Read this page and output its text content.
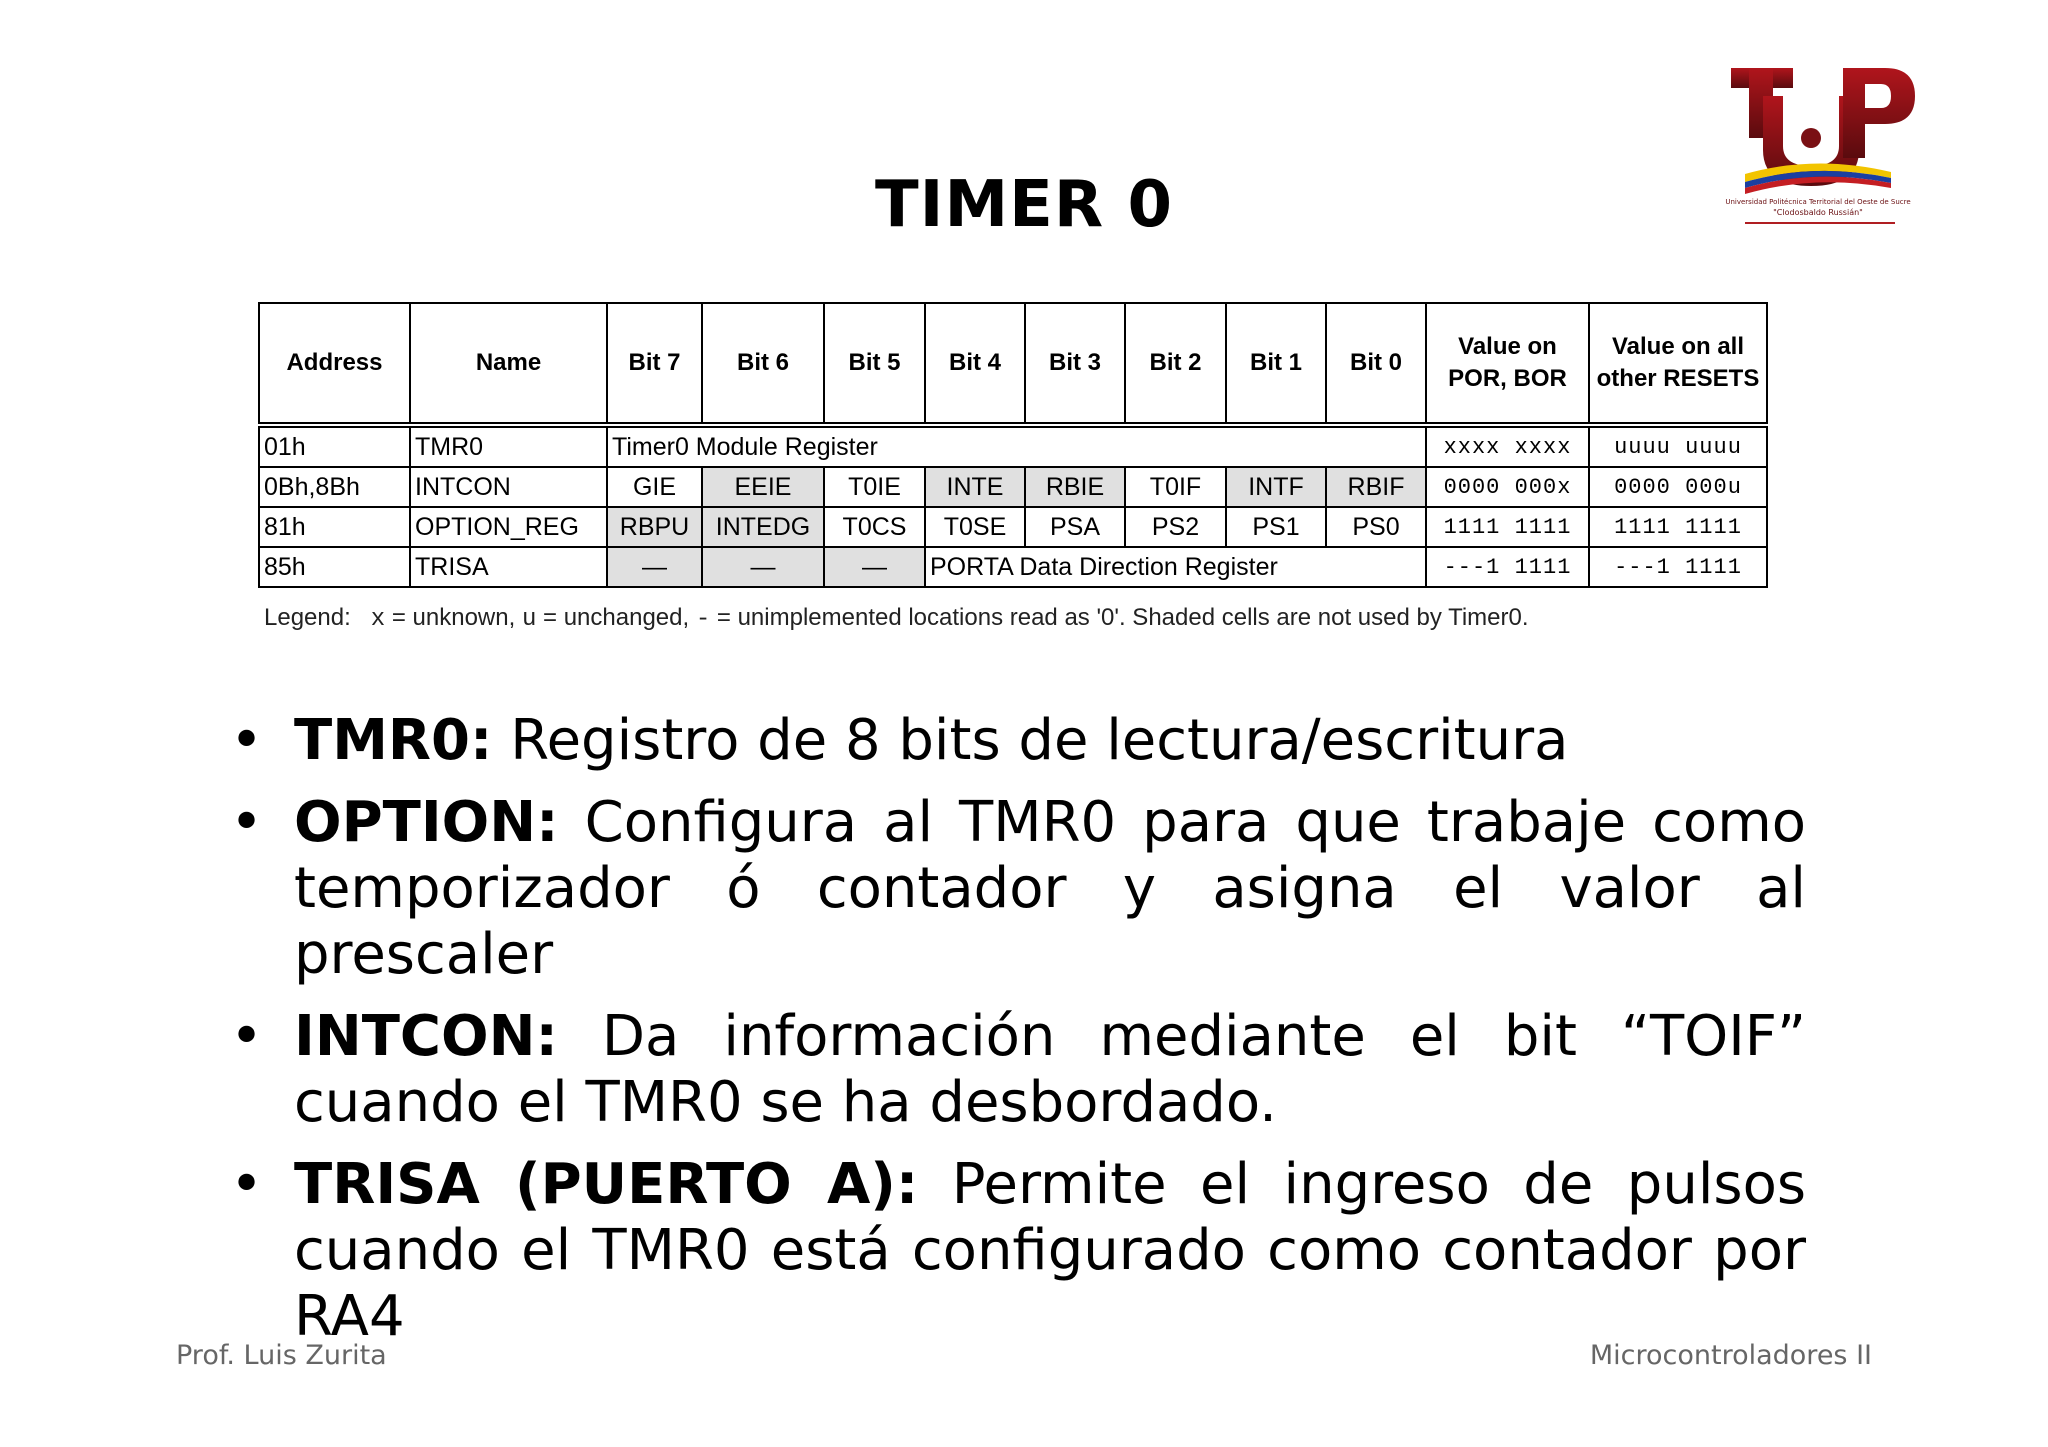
Universidad Politécnica Territorial del Oeste de Sucre
"Clodosbaldo Russián"
TIMER 0
Address	Name	Bit 7	Bit 6	Bit 5	Bit 4	Bit 3	Bit 2	Bit 1	Bit 0	Value on POR, BOR	Value on all other RESETS
01h	TMR0	Timer0 Module Register								xxxx xxxx	uuuu uuuu
0Bh,8Bh	INTCON	GIE	EEIE	T0IE	INTE	RBIE	T0IF	INTF	RBIF	0000 000x	0000 000u
81h	OPTION_REG	RBPU	INTEDG	T0CS	T0SE	PSA	PS2	PS1	PS0	1111 1111	1111 1111
85h	TRISA	—	—	—	PORTA Data Direction Register					---1 1111	---1 1111
Legend: x = unknown, u = unchanged, - = unimplemented locations read as '0'. Shaded cells are not used by Timer0.
• TMR0: Registro de 8 bits de lectura/escritura
• OPTION: Configura al TMR0 para que trabaje como temporizador ó contador y asigna el valor al prescaler
• INTCON: Da información mediante el bit “TOIF” cuando el TMR0 se ha desbordado.
• TRISA (PUERTO A): Permite el ingreso de pulsos cuando el TMR0 está configurado como contador por RA4
Prof. Luis Zurita	Microcontroladores II
